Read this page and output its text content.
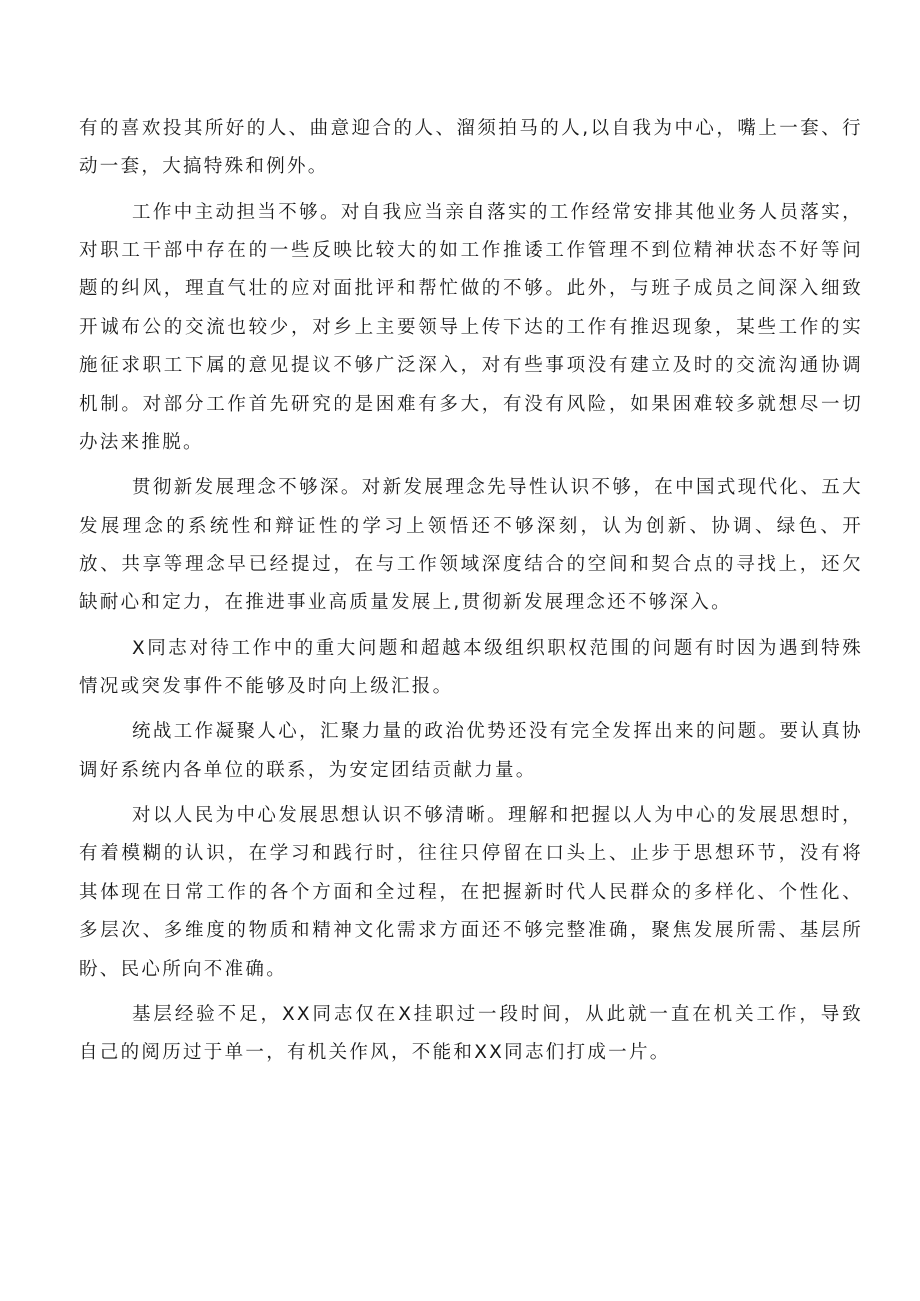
有的喜欢投其所好的人、曲意迎合的人、溜须拍马的人,以自我为中心，嘴上一套、行动一套，大搞特殊和例外。

工作中主动担当不够。对自我应当亲自落实的工作经常安排其他业务人员落实，对职工干部中存在的一些反映比较大的如工作推诿工作管理不到位精神状态不好等问题的纠风，理直气壮的应对面批评和帮忙做的不够。此外，与班子成员之间深入细致开诚布公的交流也较少，对乡上主要领导上传下达的工作有推迟现象，某些工作的实施征求职工下属的意见提议不够广泛深入，对有些事项没有建立及时的交流沟通协调机制。对部分工作首先研究的是困难有多大，有没有风险，如果困难较多就想尽一切办法来推脱。

贯彻新发展理念不够深。对新发展理念先导性认识不够，在中国式现代化、五大发展理念的系统性和辩证性的学习上领悟还不够深刻，认为创新、协调、绿色、开放、共享等理念早已经提过，在与工作领域深度结合的空间和契合点的寻找上，还欠缺耐心和定力，在推进事业高质量发展上,贯彻新发展理念还不够深入。

X同志对待工作中的重大问题和超越本级组织职权范围的问题有时因为遇到特殊情况或突发事件不能够及时向上级汇报。

统战工作凝聚人心，汇聚力量的政治优势还没有完全发挥出来的问题。要认真协调好系统内各单位的联系，为安定团结贡献力量。

对以人民为中心发展思想认识不够清晰。理解和把握以人为中心的发展思想时，有着模糊的认识，在学习和践行时，往往只停留在口头上、止步于思想环节，没有将其体现在日常工作的各个方面和全过程，在把握新时代人民群众的多样化、个性化、多层次、多维度的物质和精神文化需求方面还不够完整准确，聚焦发展所需、基层所盼、民心所向不准确。

基层经验不足，XX同志仅在X挂职过一段时间，从此就一直在机关工作，导致自己的阅历过于单一，有机关作风，不能和XX同志们打成一片。
